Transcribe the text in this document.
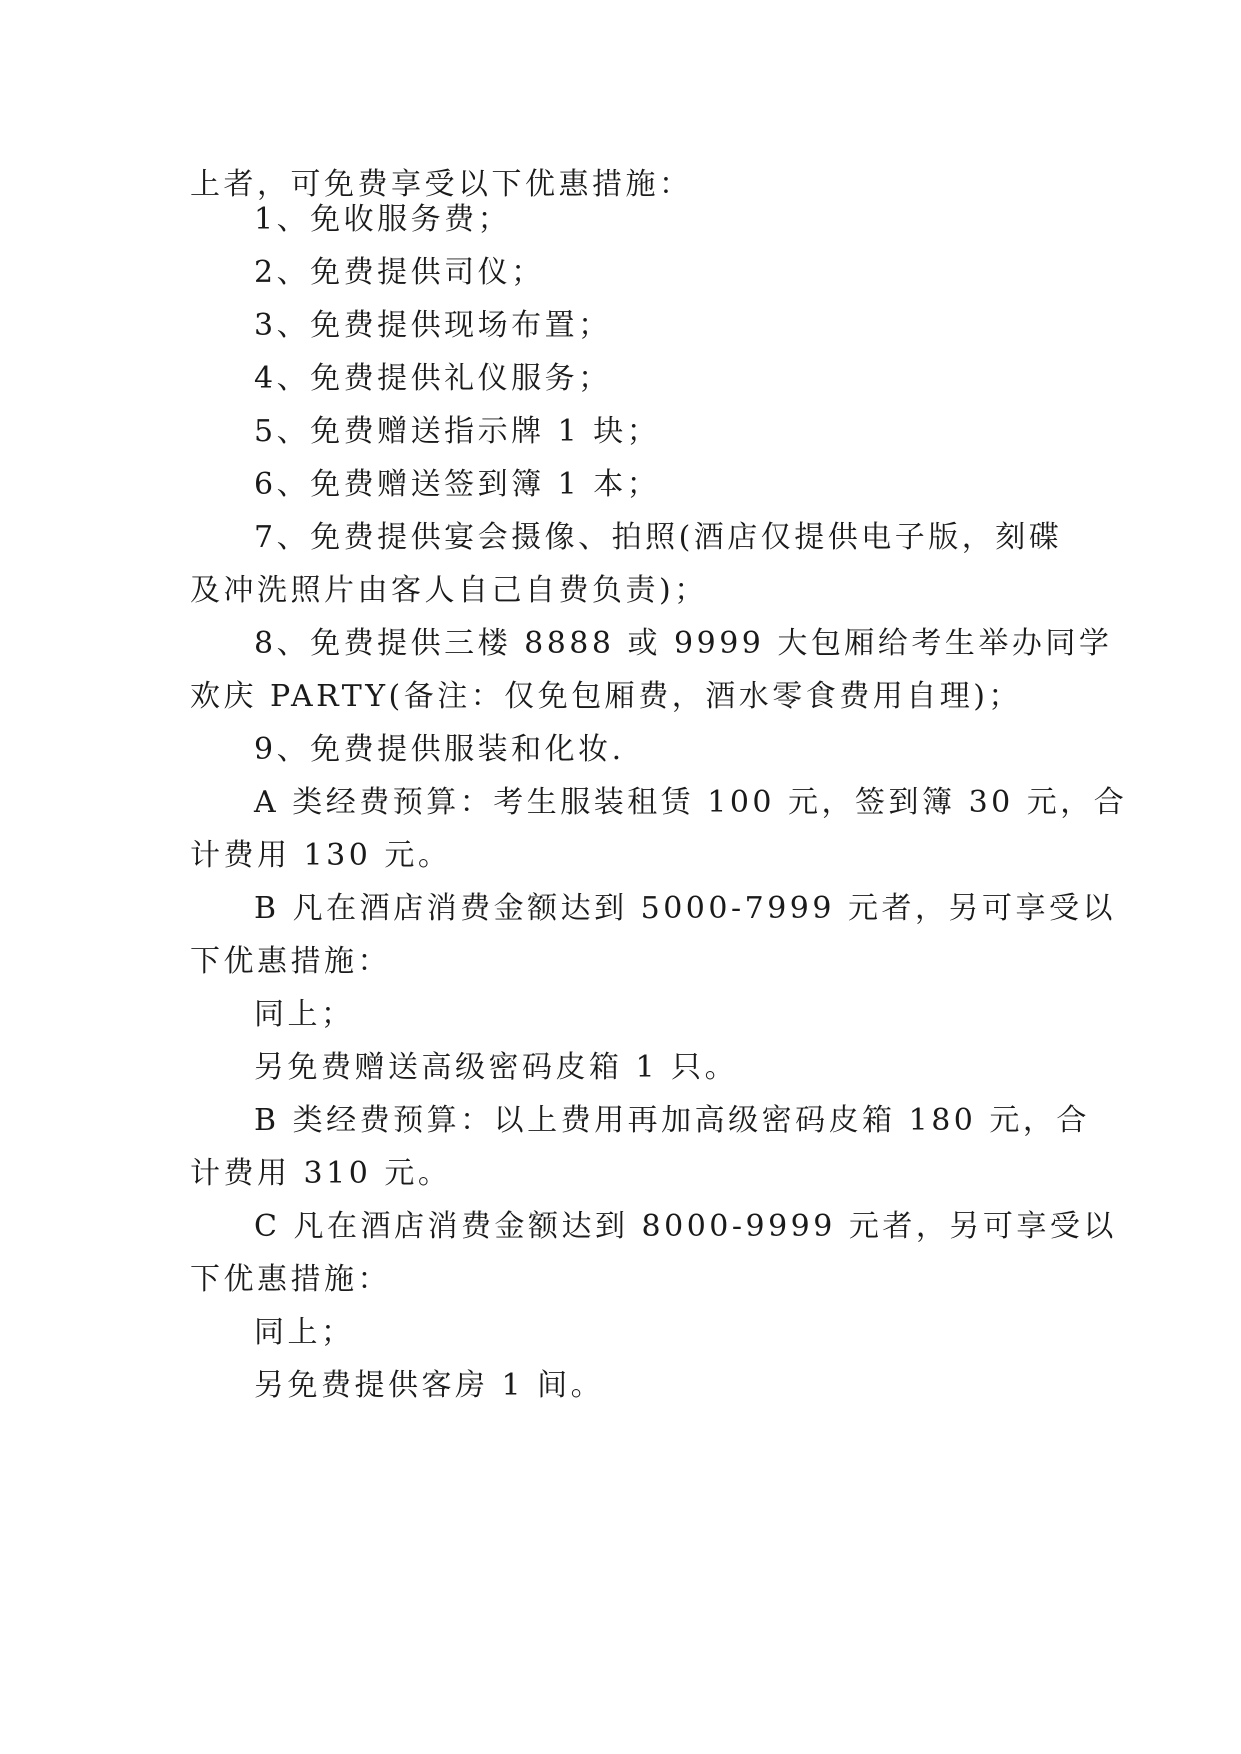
上者，可免费享受以下优惠措施：
1、免收服务费；
2、免费提供司仪；
3、免费提供现场布置；
4、免费提供礼仪服务；
5、免费赠送指示牌 1 块；
6、免费赠送签到簿 1 本；
7、免费提供宴会摄像、拍照(酒店仅提供电子版，刻碟
及冲洗照片由客人自己自费负责)；
8、免费提供三楼 8888 或 9999 大包厢给考生举办同学
欢庆 PARTY(备注：仅免包厢费，酒水零食费用自理)；
9、免费提供服装和化妆.
A 类经费预算：考生服装租赁 100 元，签到簿 30 元，合
计费用 130 元。
B 凡在酒店消费金额达到 5000-7999 元者，另可享受以
下优惠措施：
同上；
另免费赠送高级密码皮箱 1 只。
B 类经费预算：以上费用再加高级密码皮箱 180 元，合
计费用 310 元。
C 凡在酒店消费金额达到 8000-9999 元者，另可享受以
下优惠措施：
同上；
另免费提供客房 1 间。
